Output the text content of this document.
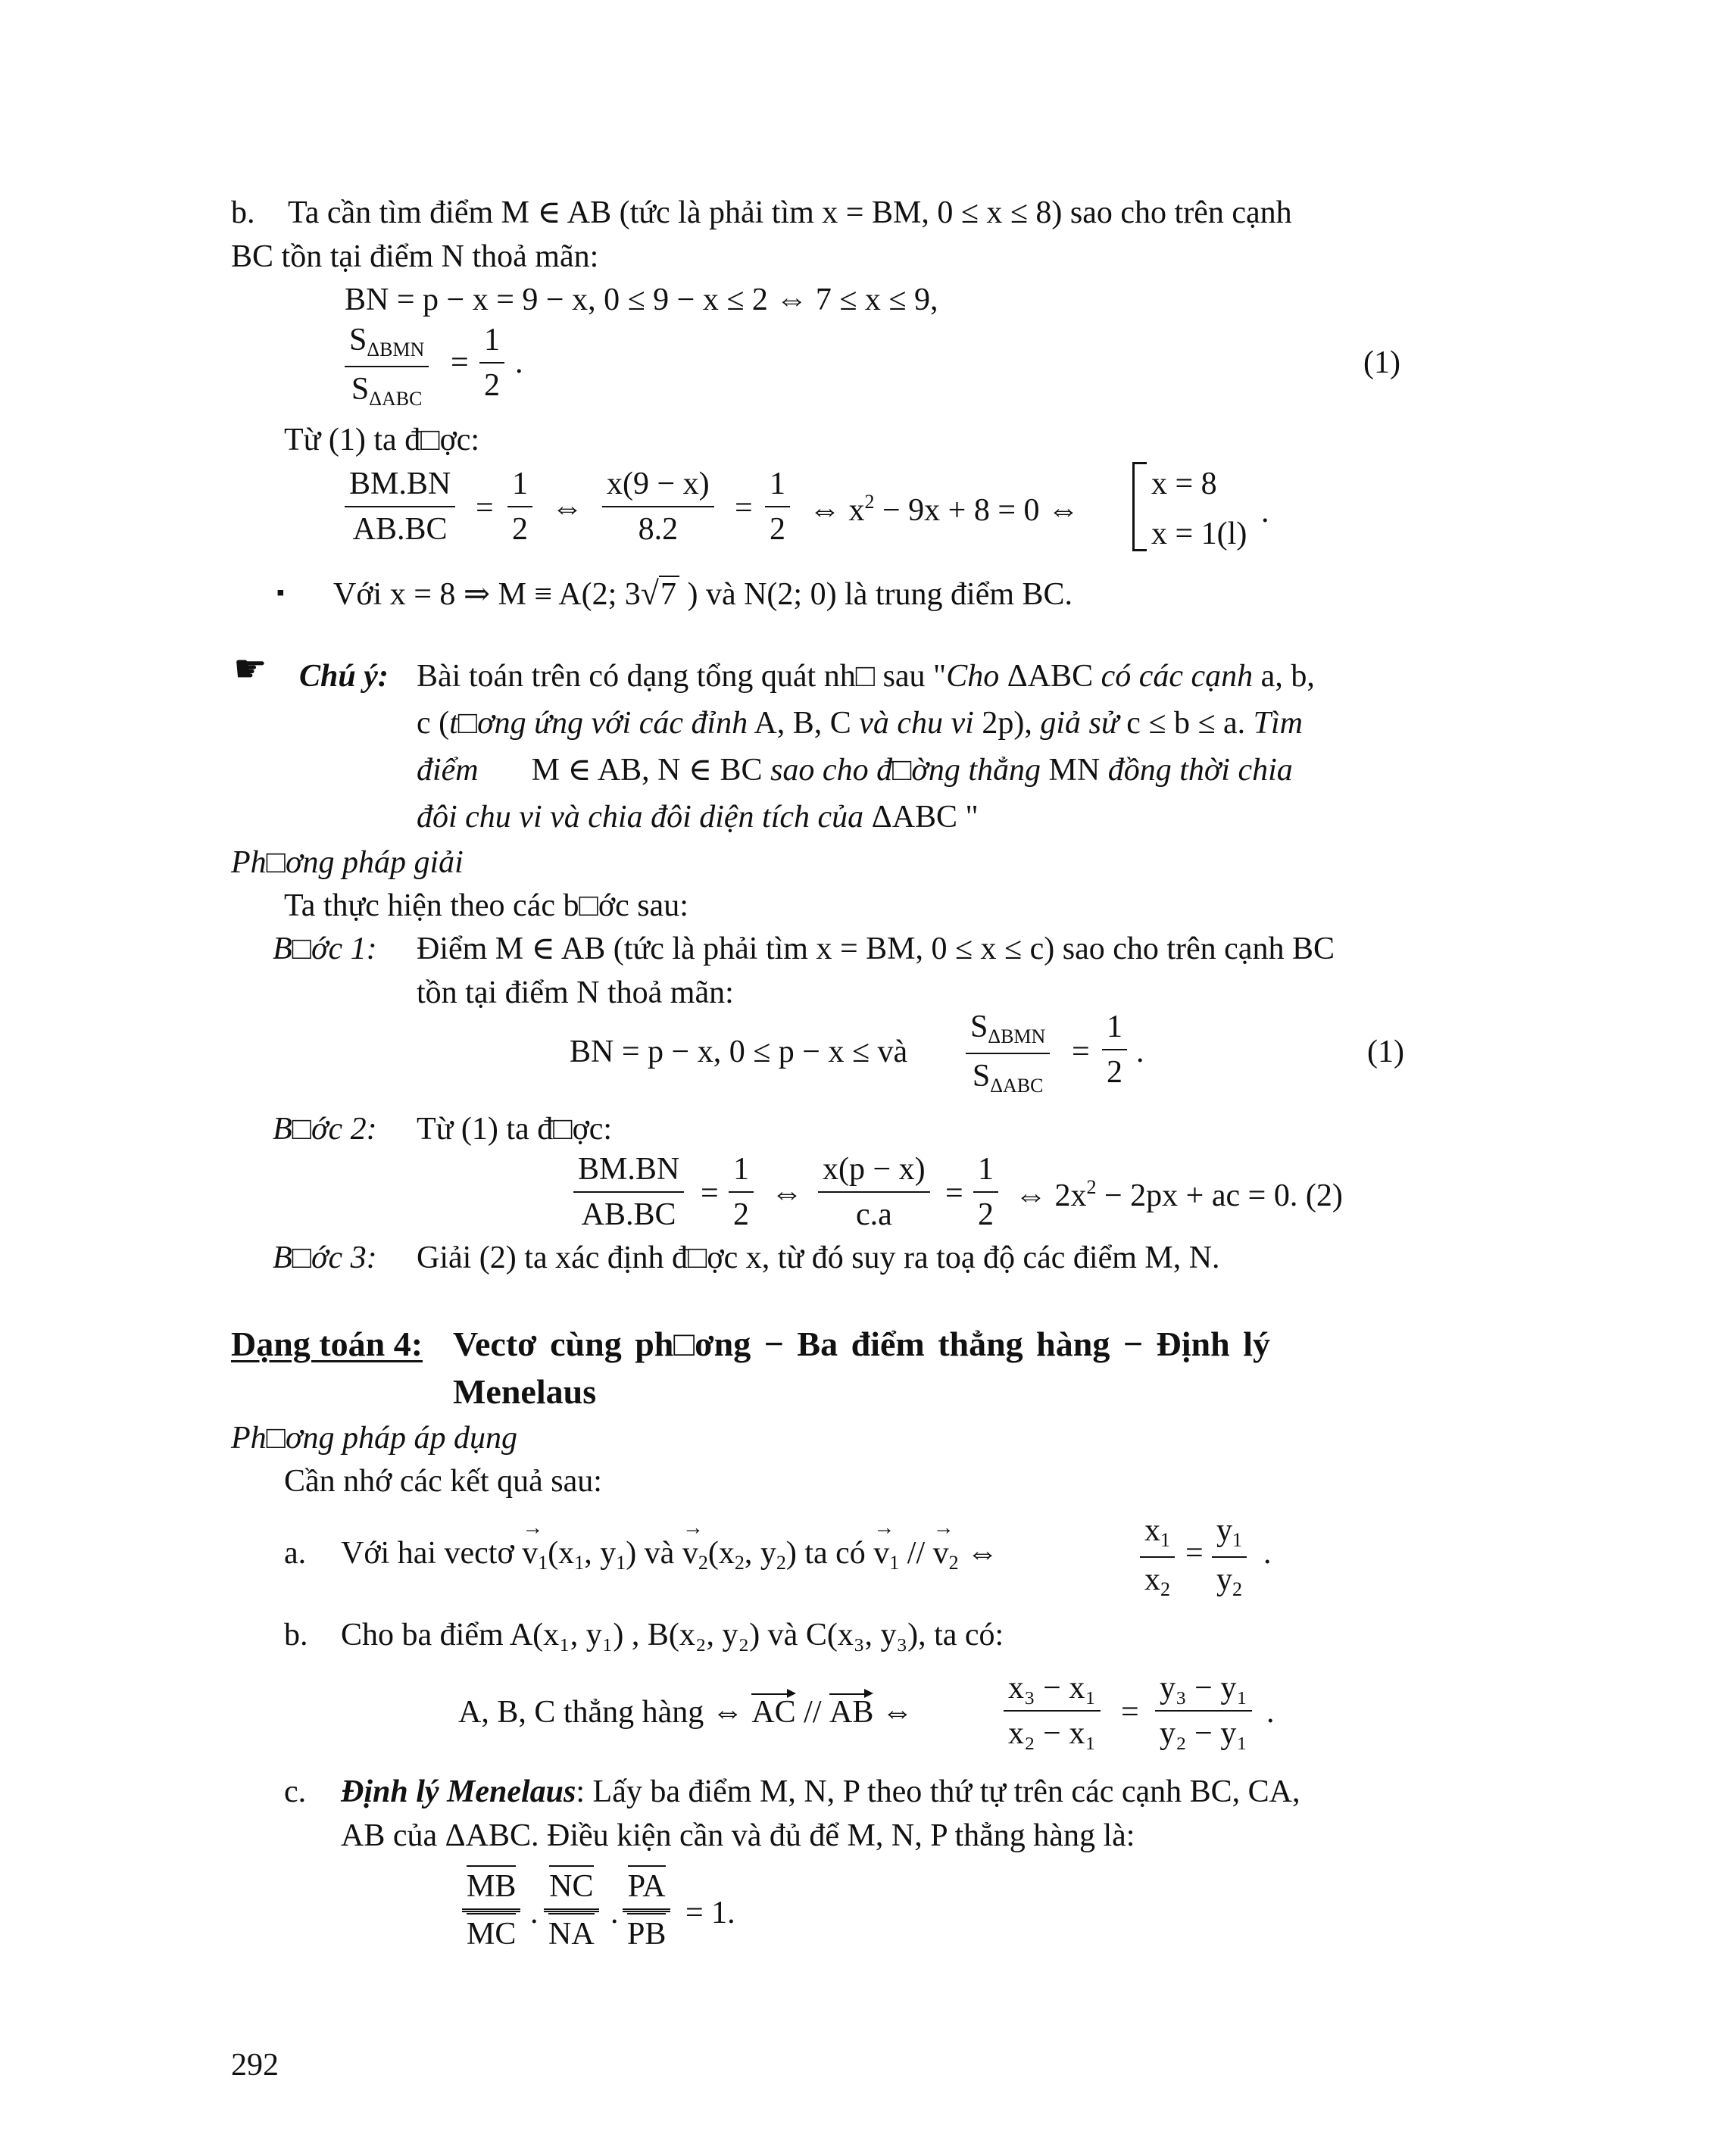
b. Ta cần tìm điểm M ∈ AB (tức là phải tìm x = BM, 0 ≤ x ≤ 8) sao cho trên cạnh
BC tồn tại điểm N thoả mãn:
BN = p − x = 9 − x, 0 ≤ 9 − x ≤ 2 ⇔ 7 ≤ x ≤ 9,
$S_{\Delta BMN}$
$S_{\Delta ABC}$
=
1
2
.	(1)
Từ (1) ta đ□ợc:
BM.BN
AB.BC
=
1
2
⇔
x(9 − x)
8.2
=
1
2
⇔ $x^2 - 9x + 8 = 0$ ⇔
x = 8
x = 1(l)
.
▪ Với x = 8 ⇒ M ≡ A(2; 3√7 ) và N(2; 0) là trung điểm BC.
☛ Chú ý: Bài toán trên có dạng tổng quát nh□ sau "Cho ΔABC có các cạnh a, b,
c (t□ơng ứng với các đỉnh A, B, C và chu vi 2p), giả sử c ≤ b ≤ a. Tìm
điểm M ∈ AB, N ∈ BC sao cho đ□ờng thẳng MN đồng thời chia
đôi chu vi và chia đôi diện tích của ΔABC "
Ph□ơng pháp giải
Ta thực hiện theo các b□ớc sau:
B□ớc 1: Điểm M ∈ AB (tức là phải tìm x = BM, 0 ≤ x ≤ c) sao cho trên cạnh BC
tồn tại điểm N thoả mãn:
BN = p − x, 0 ≤ p − x ≤ và
$S_{\Delta BMN}$
$S_{\Delta ABC}$
=
1
2
.	(1)
B□ớc 2: Từ (1) ta đ□ợc:
BM.BN
AB.BC
=
1
2
⇔
x(p − x)
c.a
=
1
2
⇔ $2x^2 - 2px$ + ac = 0. (2)
B□ớc 3: Giải (2) ta xác định đ□ợc x, từ đó suy ra toạ độ các điểm M, N.
Dạng toán 4: Vectơ cùng ph□ơng − Ba điểm thẳng hàng − Định lý
Menelaus
Ph□ơng pháp áp dụng
Cần nhớ các kết quả sau:
a. Với hai vectơ → $v_1(x_1$, $y_1$) và → $v_2(x_2$, $y_2$) ta có → $v_1$ // → $v_2$ ⇔
$x_1$
$x_2$
=
$y_1$
$y_2$
.
b. Cho ba điểm A(x₁, y₁) , B(x₂, y₂) và C(x₃, y₃), ta có:
A, B, C thẳng hàng ⇔ AC // AB ⇔
x₃ − x₁
x₂ − x₁
=
y₃ − y₁
y₂ − y₁
.
c. Định lý Menelaus: Lấy ba điểm M, N, P theo thứ tự trên các cạnh BC, CA,
AB của ΔABC. Điều kiện cần và đủ để M, N, P thẳng hàng là:
MB
MC
.
NC
NA
.
PA
PB
= 1.
292
